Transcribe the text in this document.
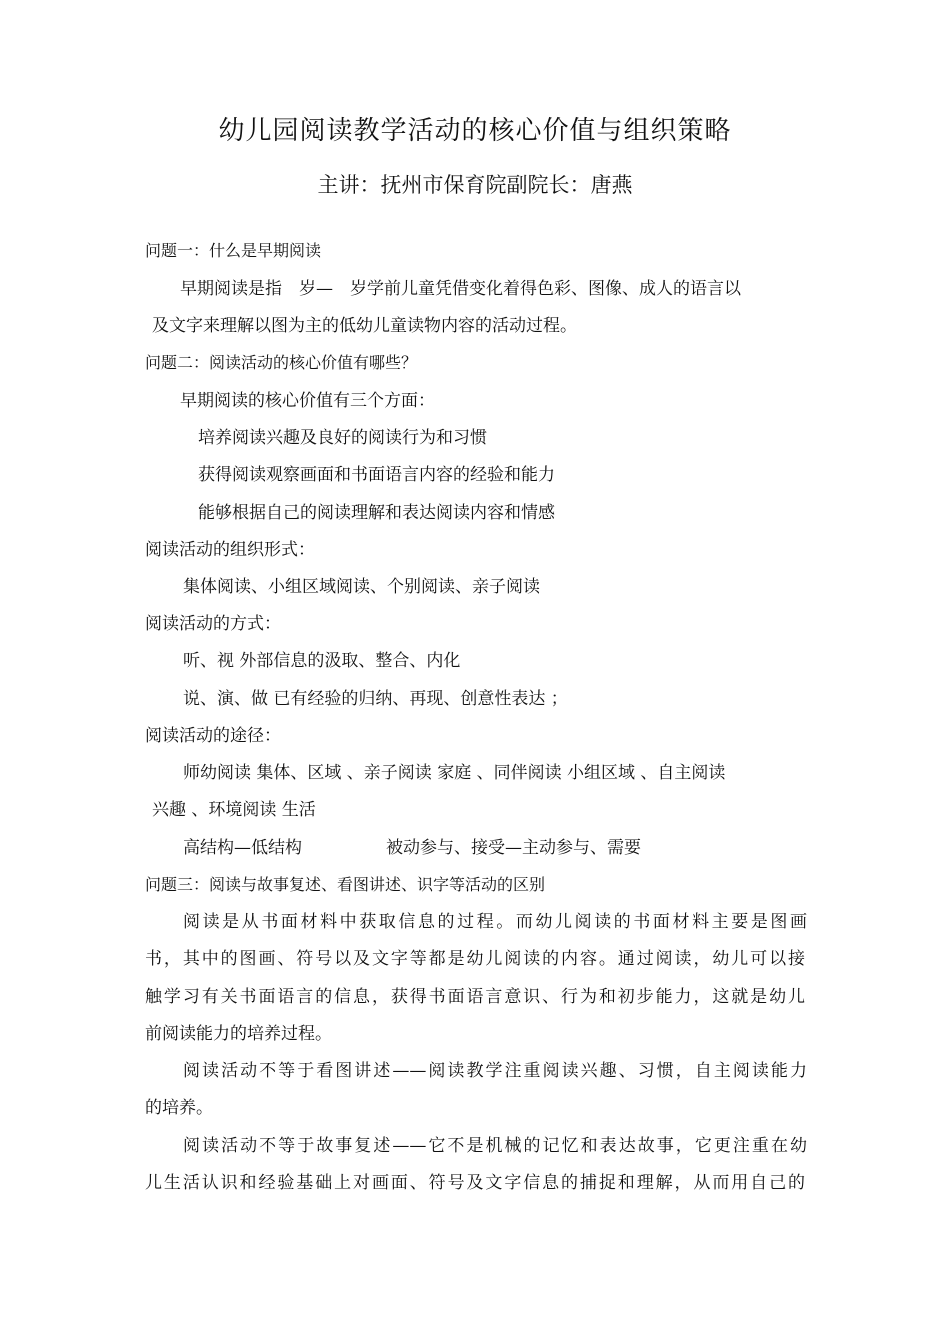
幼儿园阅读教学活动的核心价值与组织策略
主讲：抚州市保育院副院长：唐燕
问题一：什么是早期阅读
早期阅读是指　岁—　岁学前儿童凭借变化着得色彩、图像、成人的语言以
及文字来理解以图为主的低幼儿童读物内容的活动过程。
问题二：阅读活动的核心价值有哪些？
早期阅读的核心价值有三个方面：
培养阅读兴趣及良好的阅读行为和习惯
获得阅读观察画面和书面语言内容的经验和能力
能够根据自己的阅读理解和表达阅读内容和情感
阅读活动的组织形式：
集体阅读、小组区域阅读、个别阅读、亲子阅读
阅读活动的方式：
听、视 外部信息的汲取、整合、内化
说、演、做 已有经验的归纳、再现、创意性表达 ；
阅读活动的途径：
师幼阅读 集体、区域 、亲子阅读 家庭 、同伴阅读 小组区域 、自主阅读
兴趣 、环境阅读 生活
高结构—低结构	被动参与、接受—主动参与、需要
问题三：阅读与故事复述、看图讲述、识字等活动的区别
阅读是从书面材料中获取信息的过程。而幼儿阅读的书面材料主要是图画
书，其中的图画、符号以及文字等都是幼儿阅读的内容。通过阅读，幼儿可以接
触学习有关书面语言的信息，获得书面语言意识、行为和初步能力，这就是幼儿
前阅读能力的培养过程。
阅读活动不等于看图讲述——阅读教学注重阅读兴趣、习惯，自主阅读能力
的培养。
阅读活动不等于故事复述——它不是机械的记忆和表达故事，它更注重在幼
儿生活认识和经验基础上对画面、符号及文字信息的捕捉和理解，从而用自己的
